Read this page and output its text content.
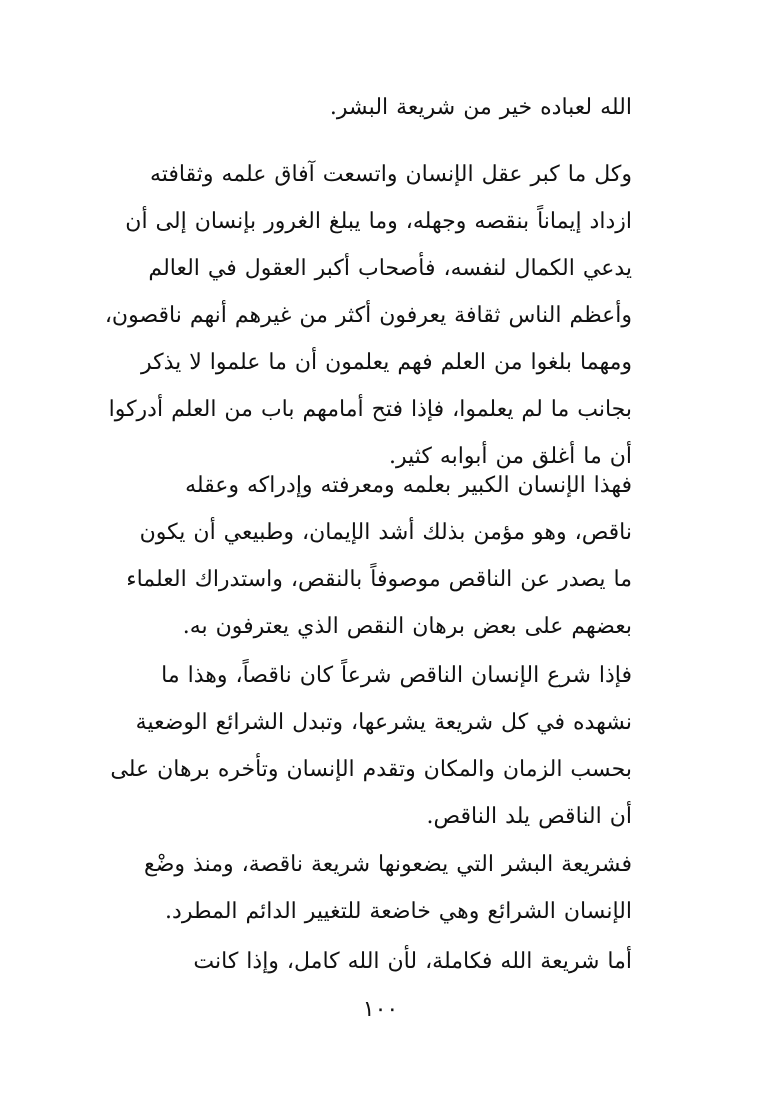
الله لعباده خير من شريعة البشر.
وكل ما كبر عقل الإنسان واتسعت آفاق علمه وثقافته
ازداد إيماناً بنقصه وجهله، وما يبلغ الغرور بإنسان إلى أن
يدعي الكمال لنفسه، فأصحاب أكبر العقول في العالم
وأعظم الناس ثقافة يعرفون أكثر من غيرهم أنهم ناقصون،
ومهما بلغوا من العلم فهم يعلمون أن ما علموا لا يذكر
بجانب ما لم يعلموا، فإذا فتح أمامهم باب من العلم أدركوا
أن ما أغلق من أبوابه كثير.
فهذا الإنسان الكبير بعلمه ومعرفته وإدراكه وعقله
ناقص، وهو مؤمن بذلك أشد الإيمان، وطبيعي أن يكون
ما يصدر عن الناقص موصوفاً بالنقص، واستدراك العلماء
بعضهم على بعض برهان النقص الذي يعترفون به.
فإذا شرع الإنسان الناقص شرعاً كان ناقصاً، وهذا ما
نشهده في كل شريعة يشرعها، وتبدل الشرائع الوضعية
بحسب الزمان والمكان وتقدم الإنسان وتأخره برهان على
أن الناقص يلد الناقص.
فشريعة البشر التي يضعونها شريعة ناقصة، ومنذ وضْع
الإنسان الشرائع وهي خاضعة للتغيير الدائم المطرد.
أما شريعة الله فكاملة، لأن الله كامل، وإذا كانت
١٠٠
